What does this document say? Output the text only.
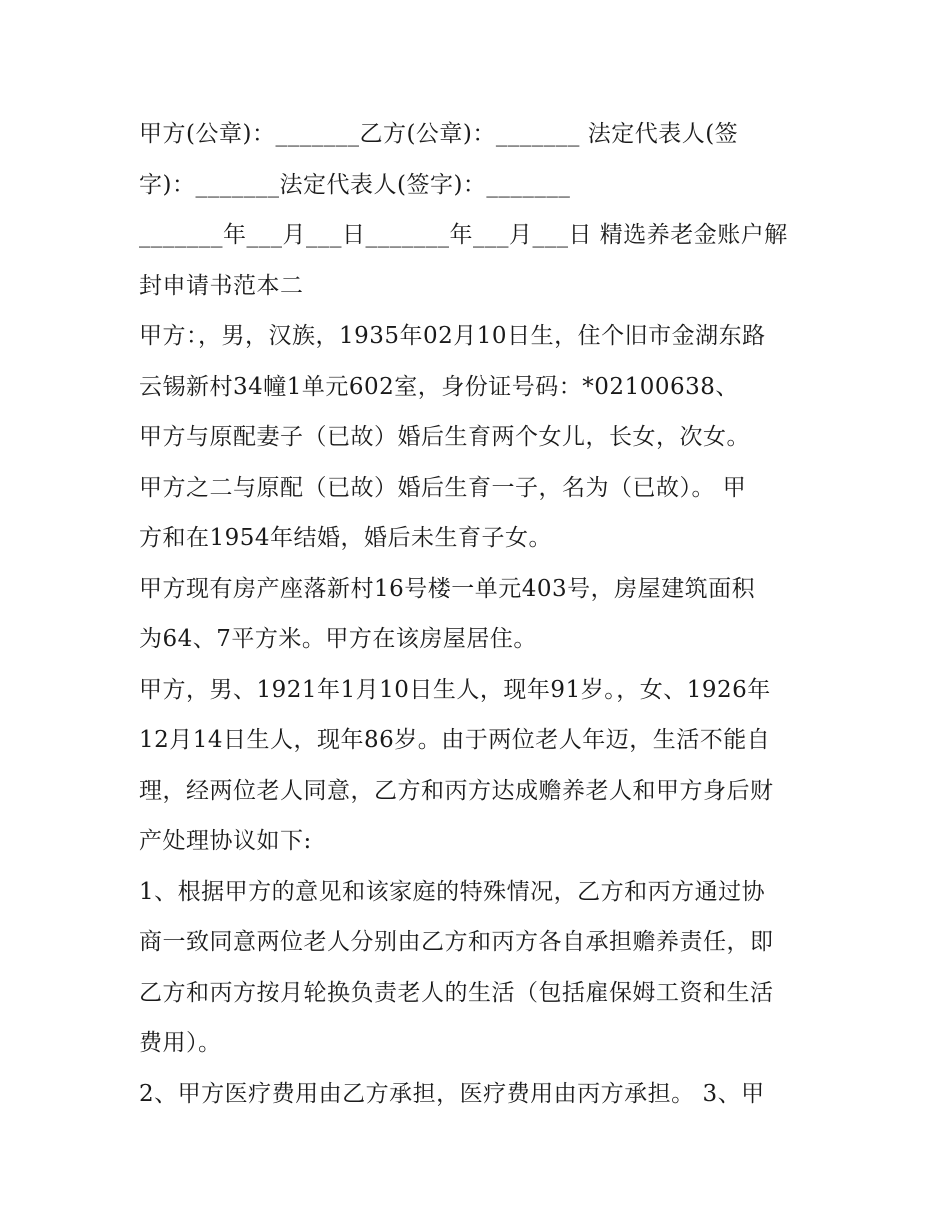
甲方(公章)：_______乙方(公章)：_______ 法定代表人(签
字)：_______法定代表人(签字)：_______
_______年___月___日_______年___月___日 精选养老金账户解
封申请书范本二
甲方：，男，汉族，1935年02月10日生，住个旧市金湖东路
云锡新村34幢1单元602室，身份证号码：*02100638、
甲方与原配妻子（已故）婚后生育两个女儿，长女，次女。
甲方之二与原配（已故）婚后生育一子，名为（已故）。 甲
方和在1954年结婚，婚后未生育子女。
甲方现有房产座落新村16号楼一单元403号，房屋建筑面积
为64、7平方米。甲方在该房屋居住。
甲方，男、1921年1月10日生人，现年91岁。，女、1926年
12月14日生人，现年86岁。由于两位老人年迈，生活不能自
理，经两位老人同意，乙方和丙方达成赡养老人和甲方身后财
产处理协议如下:
1、根据甲方的意见和该家庭的特殊情况，乙方和丙方通过协
商一致同意两位老人分别由乙方和丙方各自承担赡养责任，即
乙方和丙方按月轮换负责老人的生活（包括雇保姆工资和生活
费用）。
2、甲方医疗费用由乙方承担，医疗费用由丙方承担。 3、甲
